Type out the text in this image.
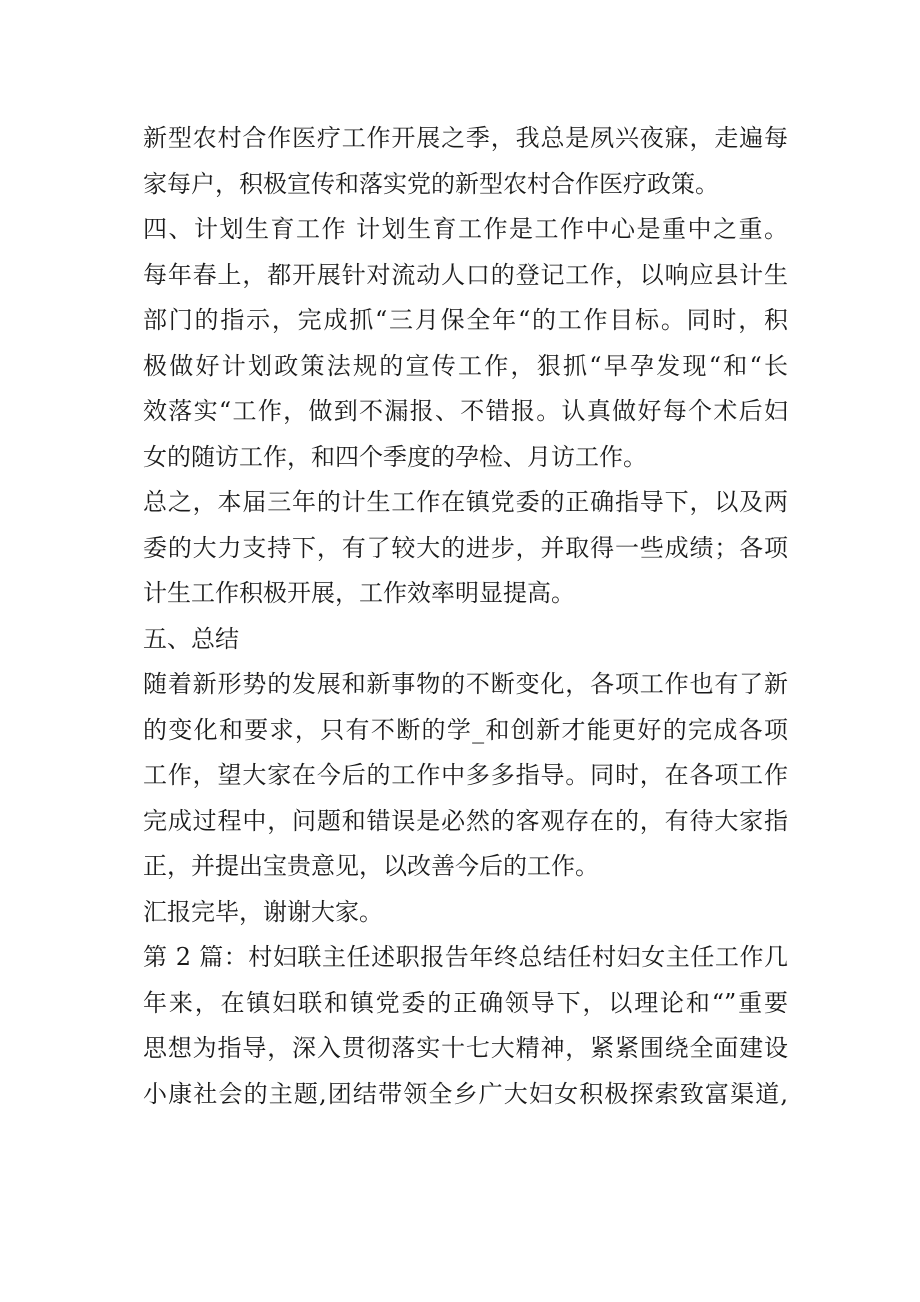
新型农村合作医疗工作开展之季，我总是夙兴夜寐，走遍每
家每户，积极宣传和落实党的新型农村合作医疗政策。
四、计划生育工作 计划生育工作是工作中心是重中之重。
每年春上，都开展针对流动人口的登记工作，以响应县计生
部门的指示，完成抓“三月保全年“的工作目标。同时，积
极做好计划政策法规的宣传工作，狠抓“早孕发现“和“长
效落实“工作，做到不漏报、不错报。认真做好每个术后妇
女的随访工作，和四个季度的孕检、月访工作。
总之，本届三年的计生工作在镇党委的正确指导下，以及两
委的大力支持下，有了较大的进步，并取得一些成绩；各项
计生工作积极开展，工作效率明显提高。
五、总结
随着新形势的发展和新事物的不断变化，各项工作也有了新
的变化和要求，只有不断的学_和创新才能更好的完成各项
工作，望大家在今后的工作中多多指导。同时，在各项工作
完成过程中，问题和错误是必然的客观存在的，有待大家指
正，并提出宝贵意见，以改善今后的工作。
汇报完毕，谢谢大家。
第 2 篇：村妇联主任述职报告年终总结任村妇女主任工作几
年来，在镇妇联和镇党委的正确领导下，以理论和“”重要
思想为指导，深入贯彻落实十七大精神，紧紧围绕全面建设
小康社会的主题,团结带领全乡广大妇女积极探索致富渠道,
